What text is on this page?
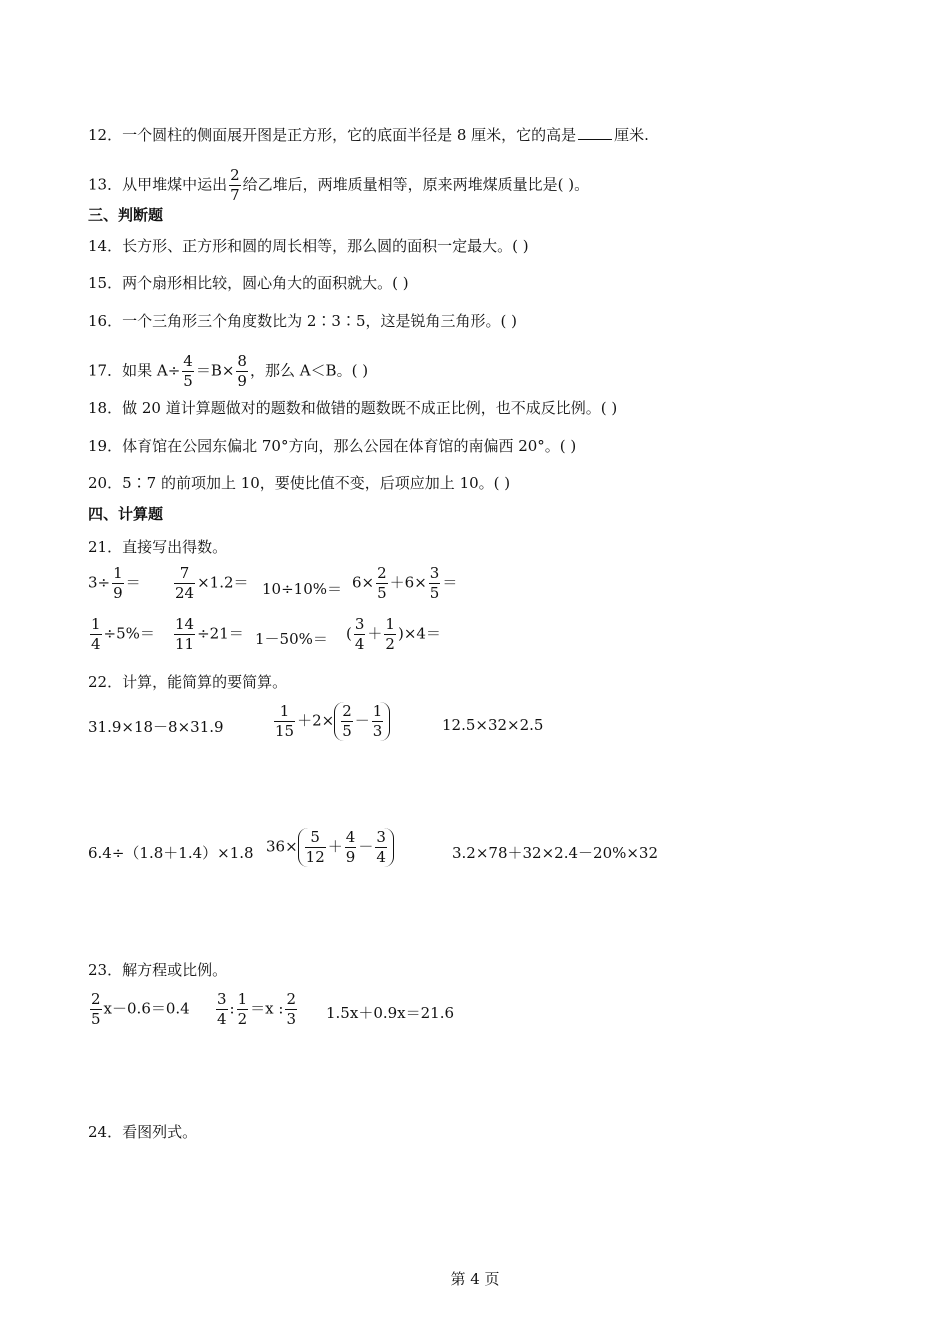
12．一个圆柱的侧面展开图是正方形，它的底面半径是 8 厘米，它的高是	厘米.
13．从甲堆煤中运出 $\frac{2}{7}$ 给乙堆后，两堆质量相等，原来两堆煤质量比是( )。
三、判断题
14．长方形、正方形和圆的周长相等，那么圆的面积一定最大。( )
15．两个扇形相比较，圆心角大的面积就大。( )
16．一个三角形三个角度数比为 2∶3∶5，这是锐角三角形。( )
17．如果 $A\div \frac{4}{5} =B\times \frac{8}{9}$ ，那么 A＜B。( )
18．做 20 道计算题做对的题数和做错的题数既不成正比例，也不成反比例。( )
19．体育馆在公园东偏北 70°方向，那么公园在体育馆的南偏西 20°。( )
20．5∶7 的前项加上 10，要使比值不变，后项应加上 10。( )
四、计算题
21．直接写出得数。
$3\div \frac{1}{9} = \frac{7}{24} \times 1.2= 10\div 10\%= 6\times \frac{2}{5} +6\times \frac{3}{5}$ ＝
$\frac{1}{4} \div 5\%= \frac{14}{11} \div 21= 1-50\%=$ ( $\frac{3}{4} + \frac{1}{2} )\times 4=$
22．计算，能简算的要简算。
31.9×18－8×31.9	$\frac{1}{15} +2\times \frac{2}{5} - \frac{1}{3}$	12.5×32×2.5
6.4÷（1.8＋1.4）×1.8 $36\times \frac{5}{12} + \frac{4}{9} - \frac{3}{4}$	3.2×78＋32×2.4－20%×32
23．解方程或比例。
$\frac{2}{5} x-0.6=0.4 \frac{3}{4}$ : $\frac{1}{2} =x$ : $\frac{2}{3} 1.5x+0.9x=21.6$
24．看图列式。
第 4 页
